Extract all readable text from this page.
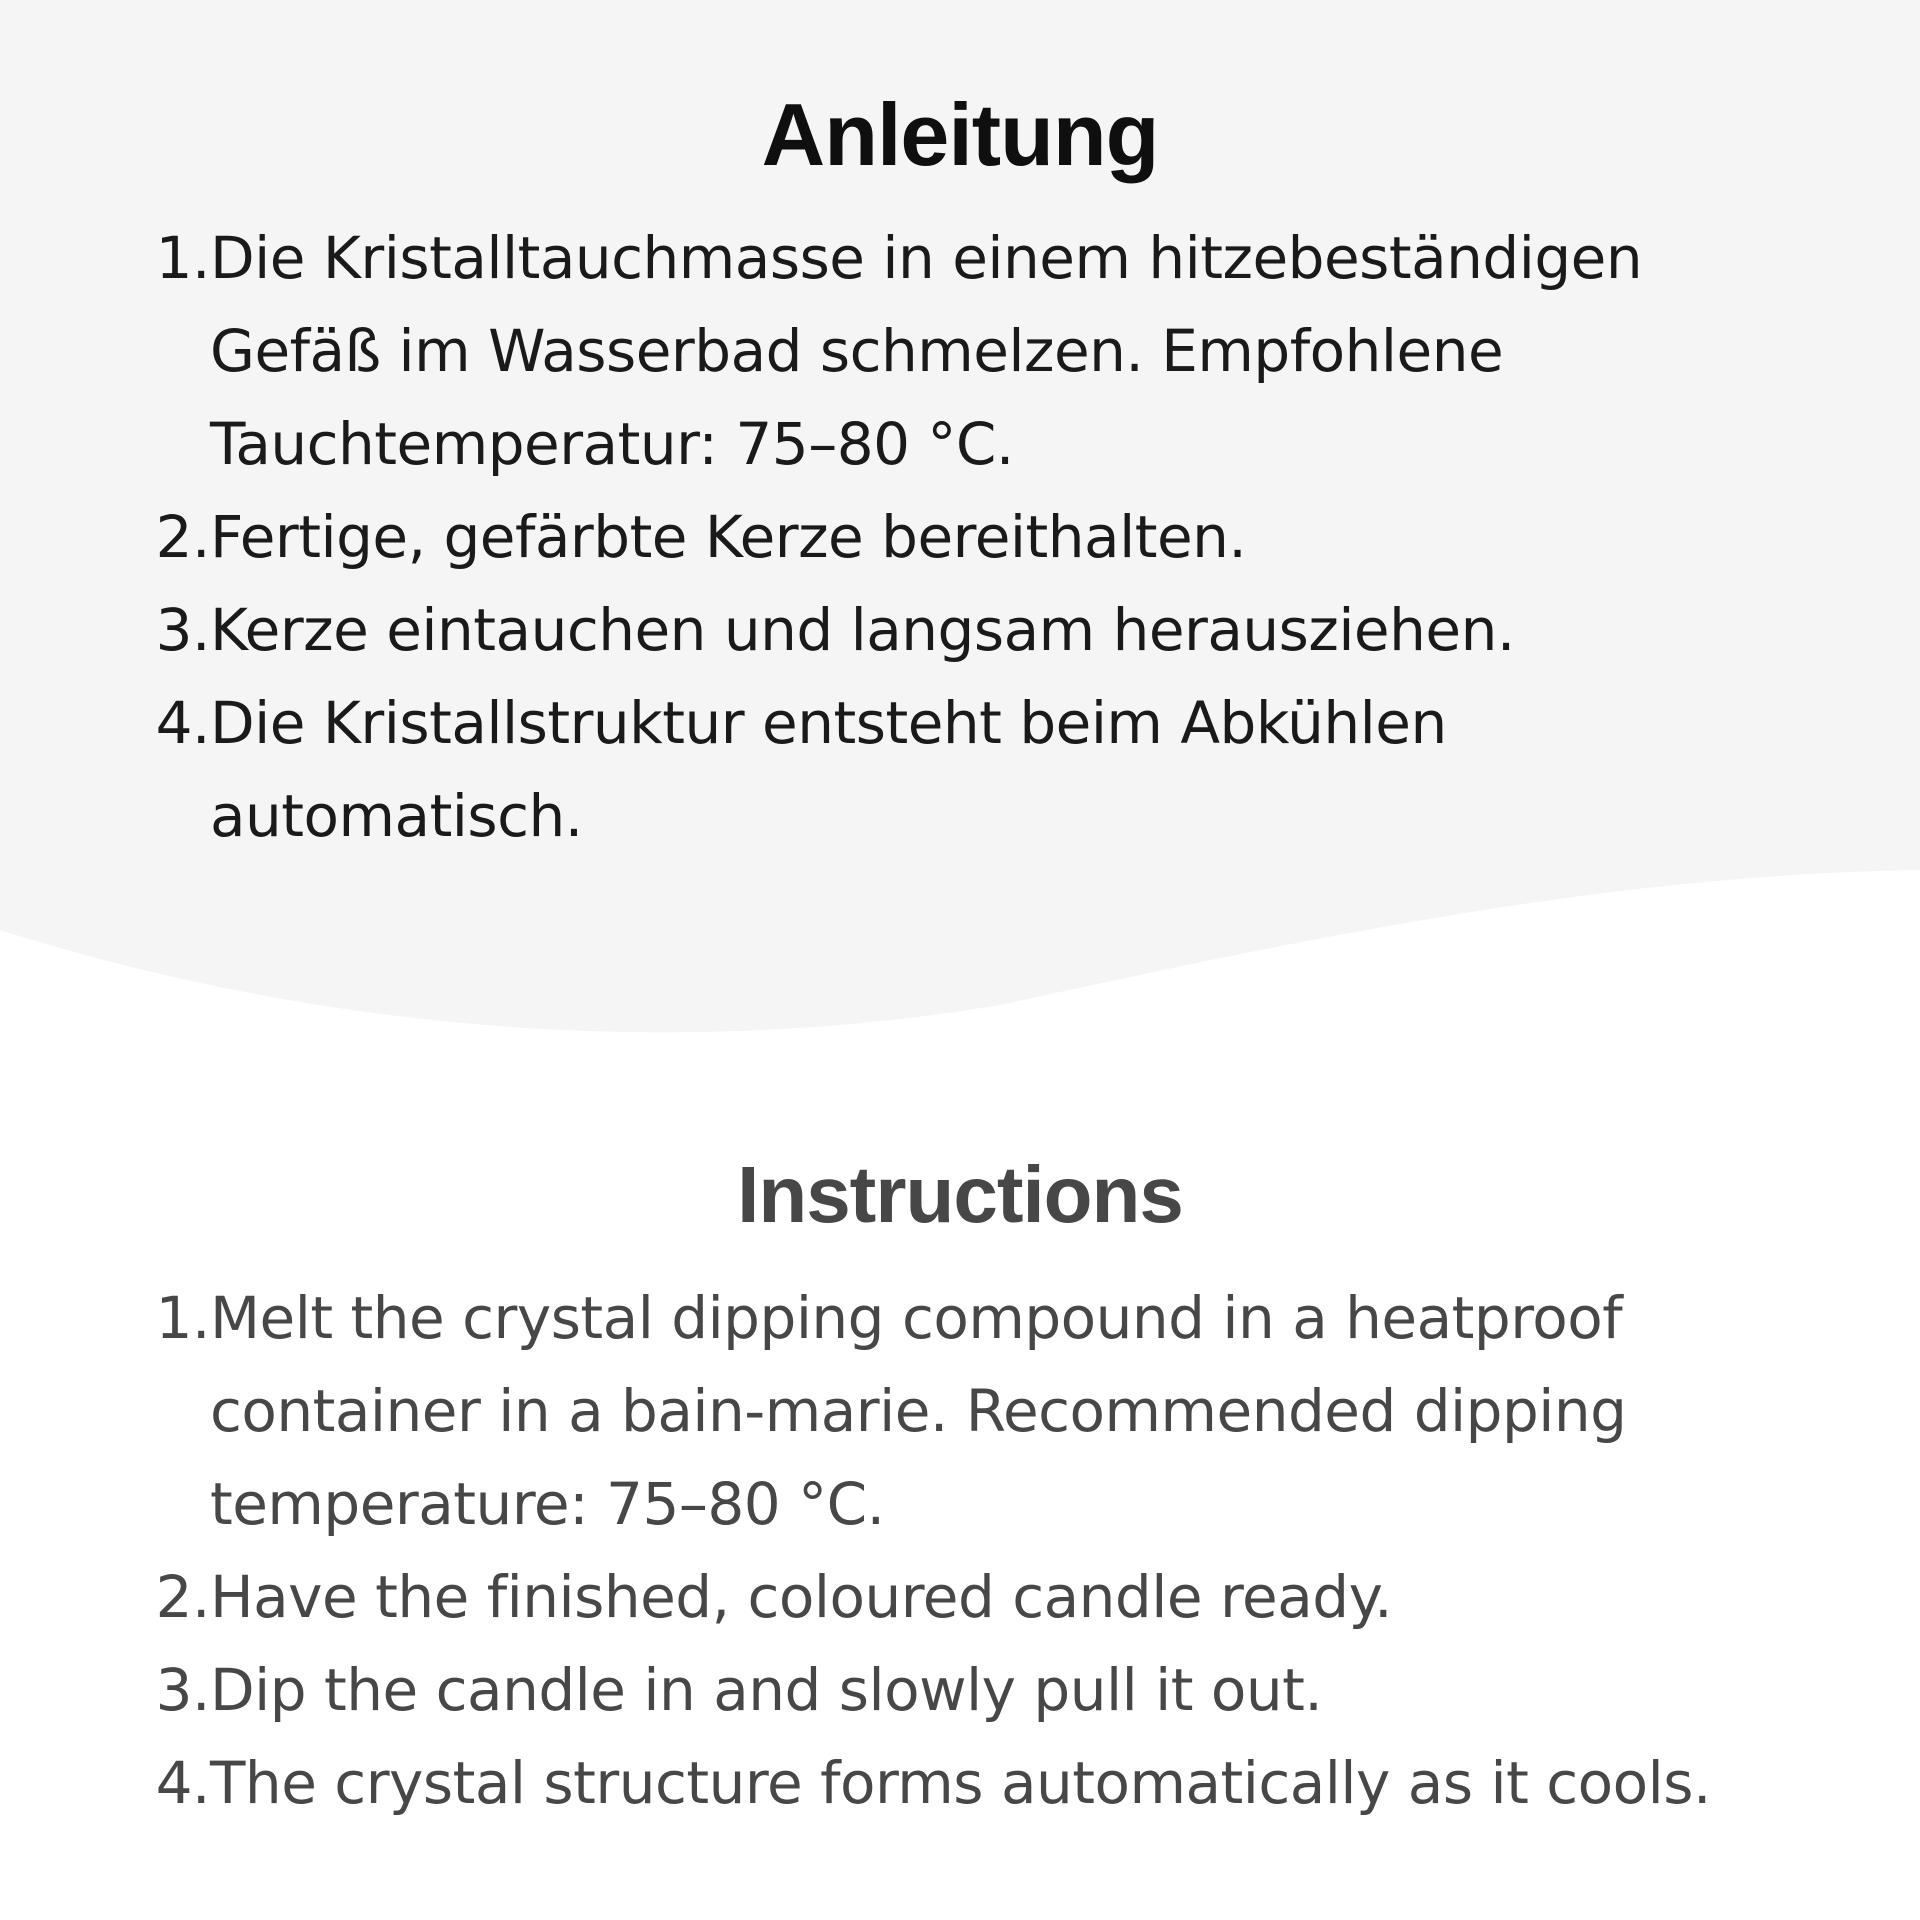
Anleitung
1. Die Kristalltauchmasse in einem hitzebeständigen Gefäß im Wasserbad schmelzen. Empfohlene Tauchtemperatur: 75–80 °C.
2. Fertige, gefärbte Kerze bereithalten.
3. Kerze eintauchen und langsam herausziehen.
4. Die Kristallstruktur entsteht beim Abkühlen automatisch.
Instructions
1. Melt the crystal dipping compound in a heatproof container in a bain-marie. Recommended dipping temperature: 75–80 °C.
2. Have the finished, coloured candle ready.
3. Dip the candle in and slowly pull it out.
4. The crystal structure forms automatically as it cools.
